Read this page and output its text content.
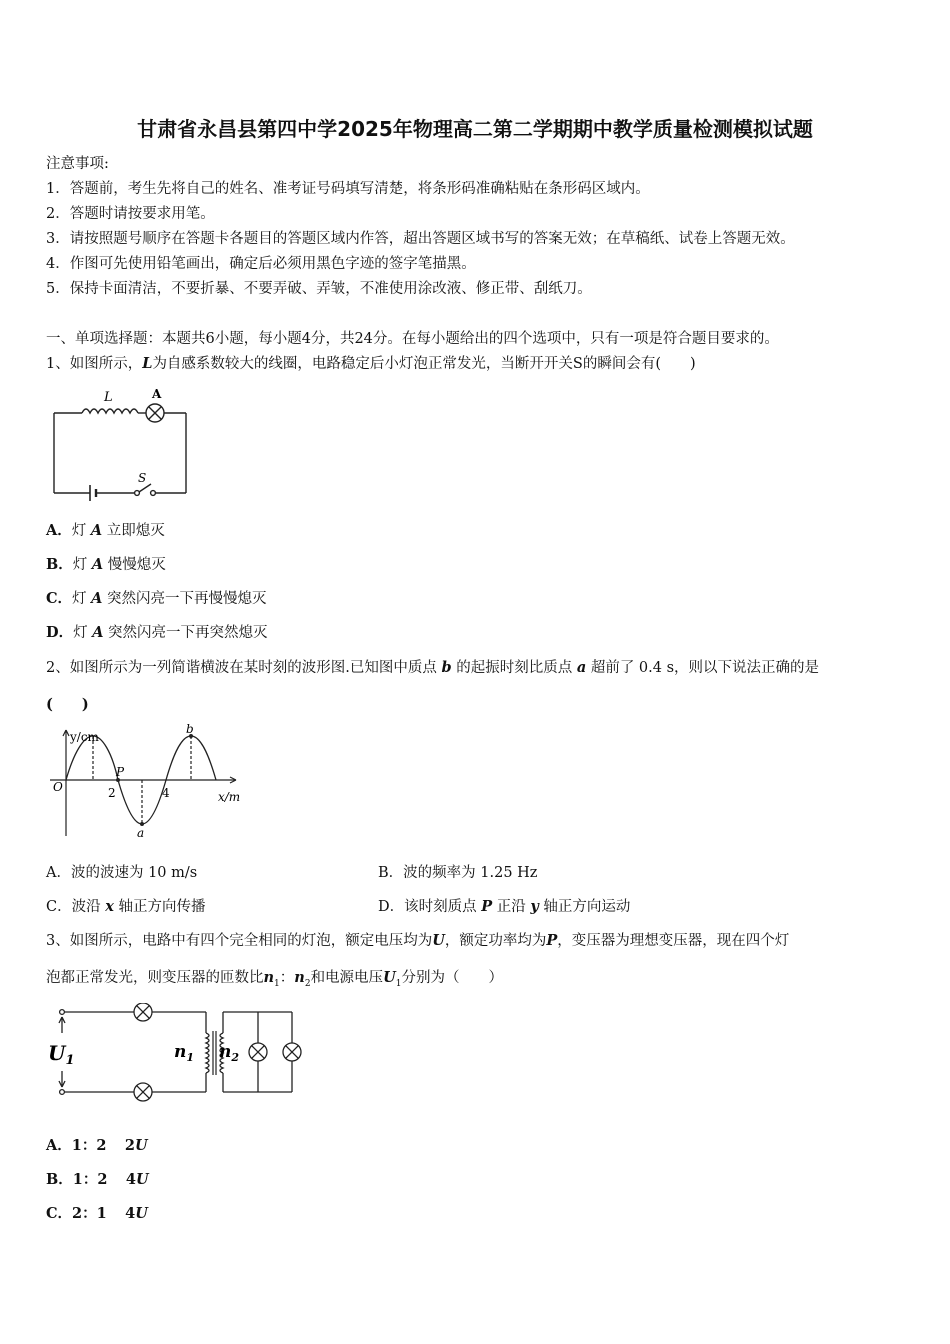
甘肃省永昌县第四中学2025年物理高二第二学期期中教学质量检测模拟试题
注意事项:
1．答题前，考生先将自己的姓名、准考证号码填写清楚，将条形码准确粘贴在条形码区域内。
2．答题时请按要求用笔。
3．请按照题号顺序在答题卡各题目的答题区域内作答，超出答题区域书写的答案无效；在草稿纸、试卷上答题无效。
4．作图可先使用铅笔画出，确定后必须用黑色字迹的签字笔描黑。
5．保持卡面清洁，不要折暴、不要弄破、弄皱，不准使用涂改液、修正带、刮纸刀。
一、单项选择题：本题共6小题，每小题4分，共24分。在每小题给出的四个选项中，只有一项是符合题目要求的。
1、如图所示，L为自感系数较大的线圈，电路稳定后小灯泡正常发光，当断开开关S的瞬间会有(　　)
L	A
S
A．灯 A 立即熄灭
B．灯 A 慢慢熄灭
C．灯 A 突然闪亮一下再慢慢熄灭
D．灯 A 突然闪亮一下再突然熄灭
2、如图所示为一列简谐横波在某时刻的波形图.已知图中质点 b 的起振时刻比质点 a 超前了 0.4 s，则以下说法正确的是
(　　)
y/cm
x/m
O
P
2	4
a
b
A．波的波速为 10 m/s	B．波的频率为 1.25 Hz
C．波沿 x 轴正方向传播	D．该时刻质点 P 正沿 y 轴正方向运动
3、如图所示，电路中有四个完全相同的灯泡，额定电压均为U，额定功率均为P，变压器为理想变压器，现在四个灯
泡都正常发光，则变压器的匝数比$n_1$：$n_2$和电源电压$U_1$分别为（　　）
$U_1$	$n_1$ $n_2$
A．1：2 2U
B．1：2 4U
C．2：1 4U
